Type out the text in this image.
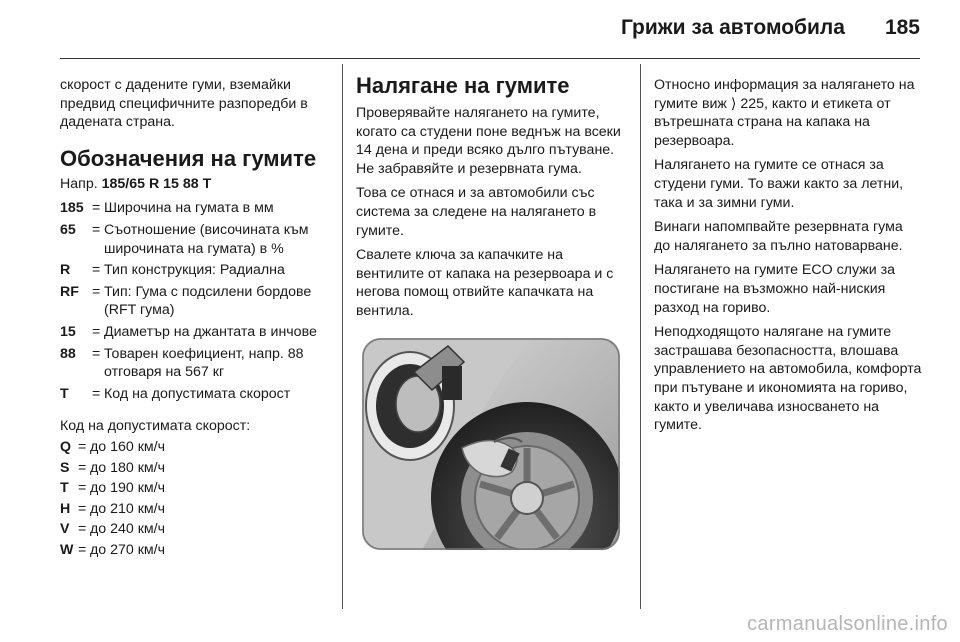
Грижи за автомобила 185

скорост с дадените гуми, вземайки предвид специфичните разпоредби в дадената страна.

Обозначения на гумите

Напр. 185/65 R 15 88 T

185 = Широчина на гумата в мм
65	= Съотношение (височината към широчината на гумата) в %
R	= Тип конструкция: Радиална
RF = Тип: Гума с подсилени бордове (RFT гума)
15	= Диаметър на джантата в инчове
88	= Товарен коефициент, напр. 88 отговаря на 567 кг
T	= Код на допустимата скорост

Код на допустимата скорост:

Q = до 160 км/ч
S = до 180 км/ч
T = до 190 км/ч
H = до 210 км/ч
V = до 240 км/ч
W = до 270 км/ч
Налягане на гумите

Проверявайте налягането на гумите, когато са студени поне веднъж на всеки 14 дена и преди всяко дълго пътуване. Не забравяйте и резервната гума.

Това се отнася и за автомобили със система за следене на налягането в гумите.

Свалете ключа за капачките на вентилите от капака на резервоара и с негова помощ отвийте капачката на вентила.

Относно информация за налягането на гумите виж ⟩ 225, както и етикета от вътрешната страна на капака на резервоара.

Налягането на гумите се отнася за студени гуми. То важи както за летни, така и за зимни гуми.

Винаги напомпвайте резервната гума до налягането за пълно натоварване.

Налягането на гумите ECO служи за постигане на възможно най-ниския разход на гориво.

Неподходящото налягане на гумите застрашава безопасността, влошава управлението на автомобила, комфорта при пътуване и икономията на гориво, както и увеличава износването на гумите.

carmanualsonline.info
